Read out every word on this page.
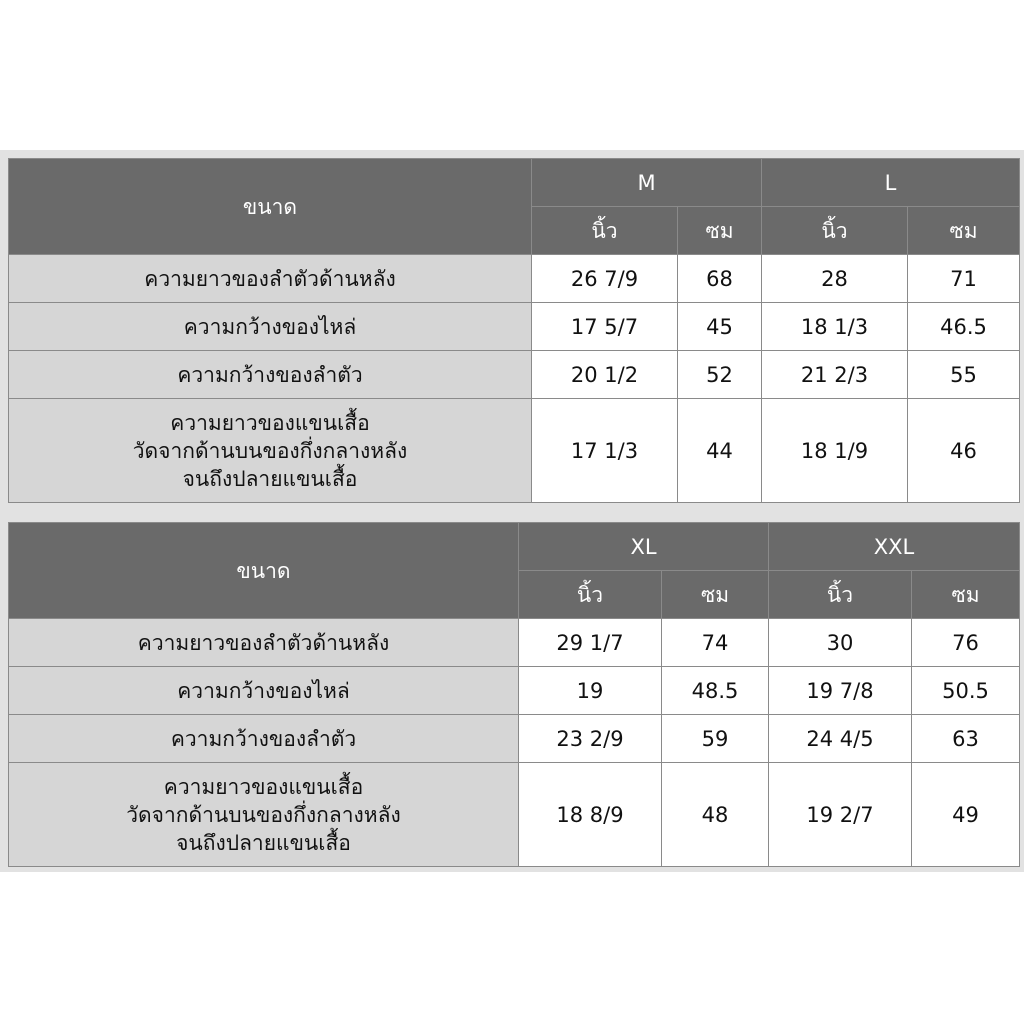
ขนาด	M		L	
	นิ้ว	ซม	นิ้ว	ซม
ความยาวของลำตัวด้านหลัง	26 7/9	68	28	71
ความกว้างของไหล่	17 5/7	45	18 1/3	46.5
ความกว้างของลำตัว	20 1/2	52	21 2/3	55

ความยาวของแขนเสื้อ
วัดจากด้านบนของกึ่งกลางหลัง
จนถึงปลายแขนเสื้อ	17 1/3	44	18 1/9	46
ขนาด	XL		XXL	
	นิ้ว	ซม	นิ้ว	ซม
ความยาวของลำตัวด้านหลัง	29 1/7	74	30	76
ความกว้างของไหล่	19	48.5	19 7/8	50.5
ความกว้างของลำตัว	23 2/9	59	24 4/5	63

ความยาวของแขนเสื้อ
วัดจากด้านบนของกึ่งกลางหลัง
จนถึงปลายแขนเสื้อ	18 8/9	48	19 2/7	49
